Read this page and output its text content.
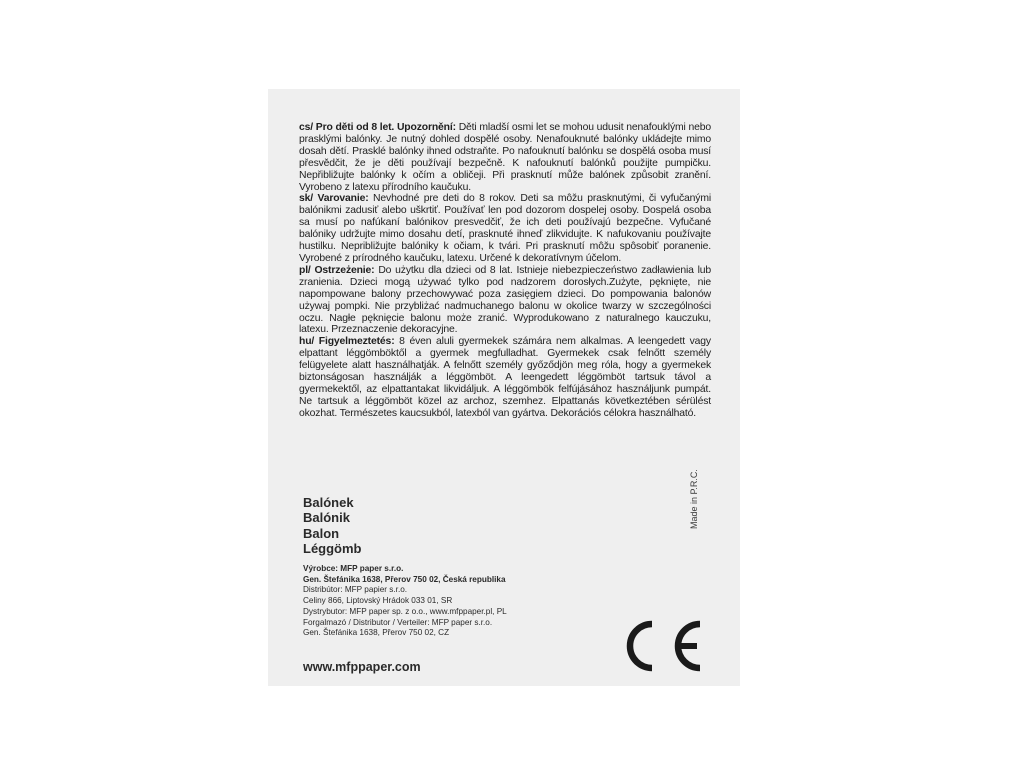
cs/ Pro děti od 8 let. Upozornění: Děti mladší osmi let se mohou udusit nenafouklými nebo prasklými balónky. Je nutný dohled dospělé osoby. Nenafouknuté balónky ukládejte mimo dosah dětí. Prasklé balónky ihned odstraňte. Po nafouknutí balónku se dospělá osoba musí přesvědčit, že je děti používají bezpečně. K nafouknutí balónků použijte pumpičku. Nepřibližujte balónky k očím a obličeji. Při prasknutí může balónek způsobit zranění. Vyrobeno z latexu přírodního kaučuku.

sk/ Varovanie: Nevhodné pre deti do 8 rokov. Deti sa môžu prasknutými, či vyfučanými balónikmi zadusiť alebo uškrtiť. Používať len pod dozorom dospelej osoby. Dospelá osoba sa musí po nafúkaní balónikov presvedčiť, že ich deti používajú bezpečne. Vyfučané balóniky udržujte mimo dosahu detí, prasknuté ihneď zlikvidujte. K nafukovaniu používajte hustilku. Nepribližujte balóniky k očiam, k tvári. Pri prasknutí môžu spôsobiť poranenie. Vyrobené z prírodného kaučuku, latexu. Určené k dekoratívnym účelom.

pl/ Ostrzeżenie: Do użytku dla dzieci od 8 lat. Istnieje niebezpieczeństwo zadławienia lub zranienia. Dzieci mogą używać tylko pod nadzorem dorosłych.Zużyte, pęknięte, nie napompowane balony przechowywać poza zasięgiem dzieci. Do pompowania balonów używaj pompki. Nie przybliżać nadmuchanego balonu w okolice twarzy w szczególności oczu. Nagłe pęknięcie balonu może zranić. Wyprodukowano z naturalnego kauczuku, latexu. Przeznaczenie dekoracyjne.

hu/ Figyelmeztetés: 8 éven aluli gyermekek számára nem alkalmas. A leengedett vagy elpattant léggömböktől a gyermek megfulladhat. Gyermekek csak felnőtt személy felügyelete alatt használhatják. A felnőtt személy győződjön meg róla, hogy a gyermekek biztonságosan használják a léggömböt. A leengedett léggömböt tartsuk távol a gyermekektől, az elpattantakat likvidáljuk. A léggömbök felfújásához használjunk pumpát. Ne tartsuk a léggömböt közel az archoz, szemhez. Elpattanás következtében sérülést okozhat. Természetes kaucsukból, latexból van gyártva. Dekorációs célokra használható.

Made in P.R.C.
Balónek
Balónik
Balon
Léggömb
Výrobce: MFP paper s.r.o.
Gen. Štefánika 1638, Přerov 750 02, Česká republika
Distribútor: MFP papier s.r.o.
Celiny 866, Liptovský Hrádok 033 01, SR
Dystrybutor: MFP paper sp. z o.o., www.mfppaper.pl, PL
Forgalmazó / Distributor / Verteiler: MFP paper s.r.o.
Gen. Štefánika 1638, Přerov 750 02, CZ
www.mfppaper.com
